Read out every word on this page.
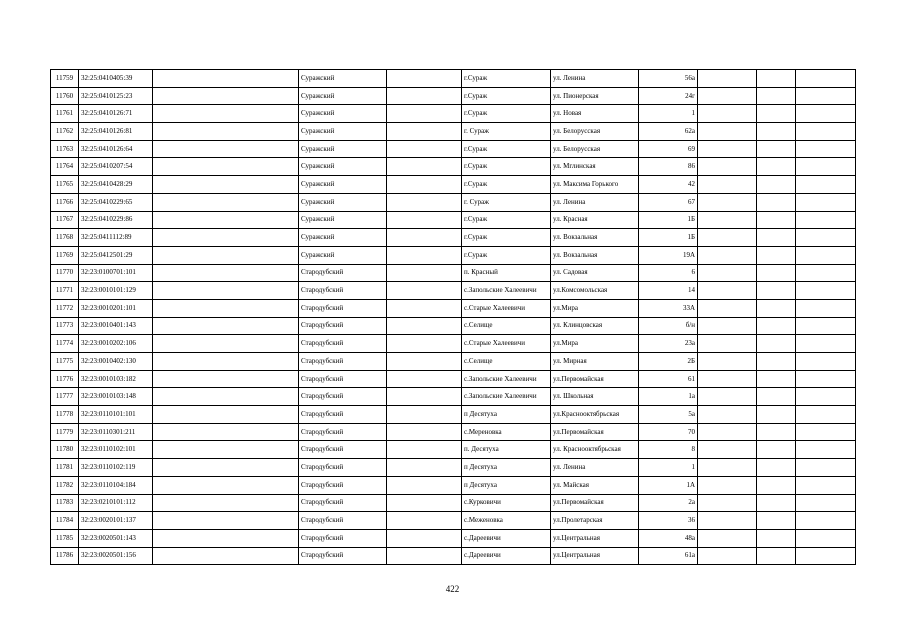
11759	32:25:0410405:39		Суражский		г.Сураж	ул. Ленина	56а			
11760	32:25:0410125:23		Суражский		г.Сураж	ул. Пионерская	24г			
11761	32:25:0410126:71		Суражский		г.Сураж	ул. Новая	1			
11762	32:25:0410126:81		Суражский		г. Сураж	ул. Белорусская	62а			
11763	32:25:0410126:64		Суражский		г.Сураж	ул. Белорусская	69			
11764	32:25:0410207:54		Суражский		г.Сураж	ул. Мглинская	86			
11765	32:25:0410428:29		Суражский		г.Сураж	ул. Максима Горького	42			
11766	32:25:0410229:65		Суражский		г. Сураж	ул. Ленина	67			
11767	32:25:0410229:86		Суражский		г.Сураж	ул. Красная	1Б			
11768	32:25:0411112:89		Суражский		г.Сураж	ул. Вокзальная	1Б			
11769	32:25:0412501:29		Суражский		г.Сураж	ул. Вокзальная	19А			
11770	32:23:0100701:101		Стародубский		п. Красный	ул. Садовая	6			
11771	32:23:0010101:129		Стародубский		с.Запольские Халеевичи	ул.Комсомольская	14			
11772	32:23:0010201:101		Стародубский		с.Старые Халеевичи	ул.Мира	33А			
11773	32:23:0010401:143		Стародубский		с.Селище	ул. Клинцовская	б/н			
11774	32:23:0010202:106		Стародубский		с.Старые Халеевичи	ул.Мира	23а			
11775	32:23:0010402:130		Стародубский		с.Селище	ул. Мирная	2Б			
11776	32:23:0010103:182		Стародубский		с.Запольские Халеевичи	ул.Первомайская	61			
11777	32:23:0010103:148		Стародубский		с.Запольские Халеевичи	ул. Школьная	1а			
11778	32:23:0110101:101		Стародубский		п Десятуха	ул.Красноoктябрьская	5а			
11779	32:23:0110301:211		Стародубский		с.Мереновка	ул.Первомайская	70			
11780	32:23:0110102:101		Стародубский		п. Десятуха	ул. Красноoктябрьская	8			
11781	32:23:0110102:119		Стародубский		п Десятуха	ул. Ленина	1			
11782	32:23:0110104:184		Стародубский		п Десятуха	ул. Майская	1А			
11783	32:23:0210101:112		Стародубский		с.Курковичи	ул.Первомайская	2а			
11784	32:23:0020101:137		Стародубский		с.Меженовка	ул.Пролетарская	36			
11785	32:23:0020501:143		Стародубский		с.Дареевичи	ул.Центральная	48а			
11786	32:23:0020501:156		Стародубский		с.Дареевичи	ул.Центральная	61а			
422
